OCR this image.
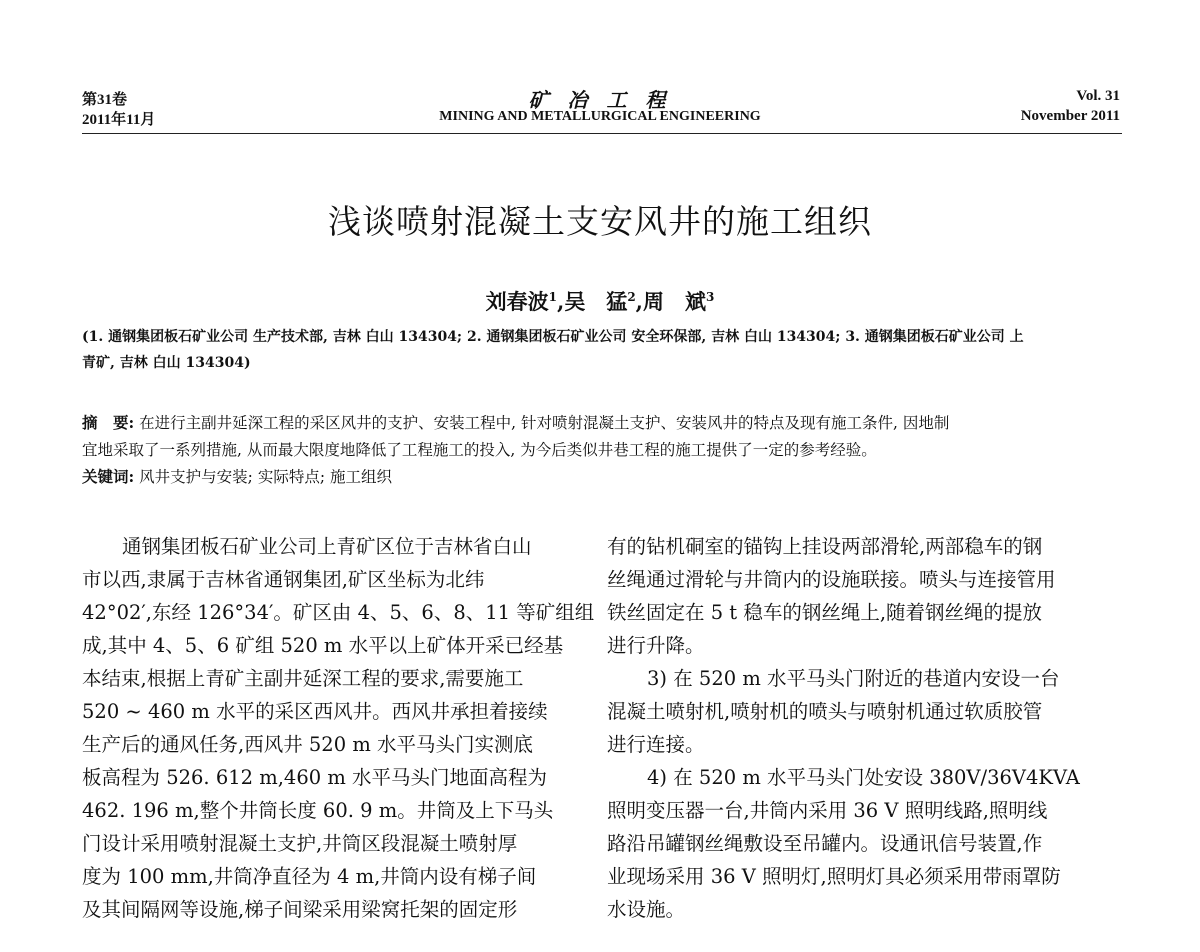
第31卷
2011年11月
矿 冶 工 程
MINING AND METALLURGICAL ENGINEERING
Vol. 31
November 2011
浅谈喷射混凝土支安风井的施工组织
刘春波$^1$,吴　猛$^2$,周　斌$^3$
(1. 通钢集团板石矿业公司 生产技术部, 吉林 白山 134304; 2. 通钢集团板石矿业公司 安全环保部, 吉林 白山 134304; 3. 通钢集团板石矿业公司 上
青矿, 吉林 白山 134304)
摘　要: 在进行主副井延深工程的采区风井的支护、安装工程中, 针对喷射混凝土支护、安装风井的特点及现有施工条件, 因地制
宜地采取了一系列措施, 从而最大限度地降低了工程施工的投入, 为今后类似井巷工程的施工提供了一定的参考经验。
关键词: 风井支护与安装; 实际特点; 施工组织
通钢集团板石矿业公司上青矿区位于吉林省白山
市以西,隶属于吉林省通钢集团,矿区坐标为北纬
42°02′,东经 126°34′。矿区由 4、5、6、8、11 等矿组组
成,其中 4、5、6 矿组 520 m 水平以上矿体开采已经基
本结束,根据上青矿主副井延深工程的要求,需要施工
520 ~ 460 m 水平的采区西风井。西风井承担着接续
生产后的通风任务,西风井 520 m 水平马头门实测底
板高程为 526. 612 m,460 m 水平马头门地面高程为
462. 196 m,整个井筒长度 60. 9 m。井筒及上下马头
门设计采用喷射混凝土支护,井筒区段混凝土喷射厚
度为 100 mm,井筒净直径为 4 m,井筒内设有梯子间
及其间隔网等设施,梯子间梁采用梁窝托架的固定形
有的钻机硐室的锚钩上挂设两部滑轮,两部稳车的钢
丝绳通过滑轮与井筒内的设施联接。喷头与连接管用
铁丝固定在 5 t 稳车的钢丝绳上,随着钢丝绳的提放
进行升降。
3) 在 520 m 水平马头门附近的巷道内安设一台
混凝土喷射机,喷射机的喷头与喷射机通过软质胶管
进行连接。
4) 在 520 m 水平马头门处安设 380V/36V4KVA
照明变压器一台,井筒内采用 36 V 照明线路,照明线
路沿吊罐钢丝绳敷设至吊罐内。设通讯信号装置,作
业现场采用 36 V 照明灯,照明灯具必须采用带雨罩防
水设施。
